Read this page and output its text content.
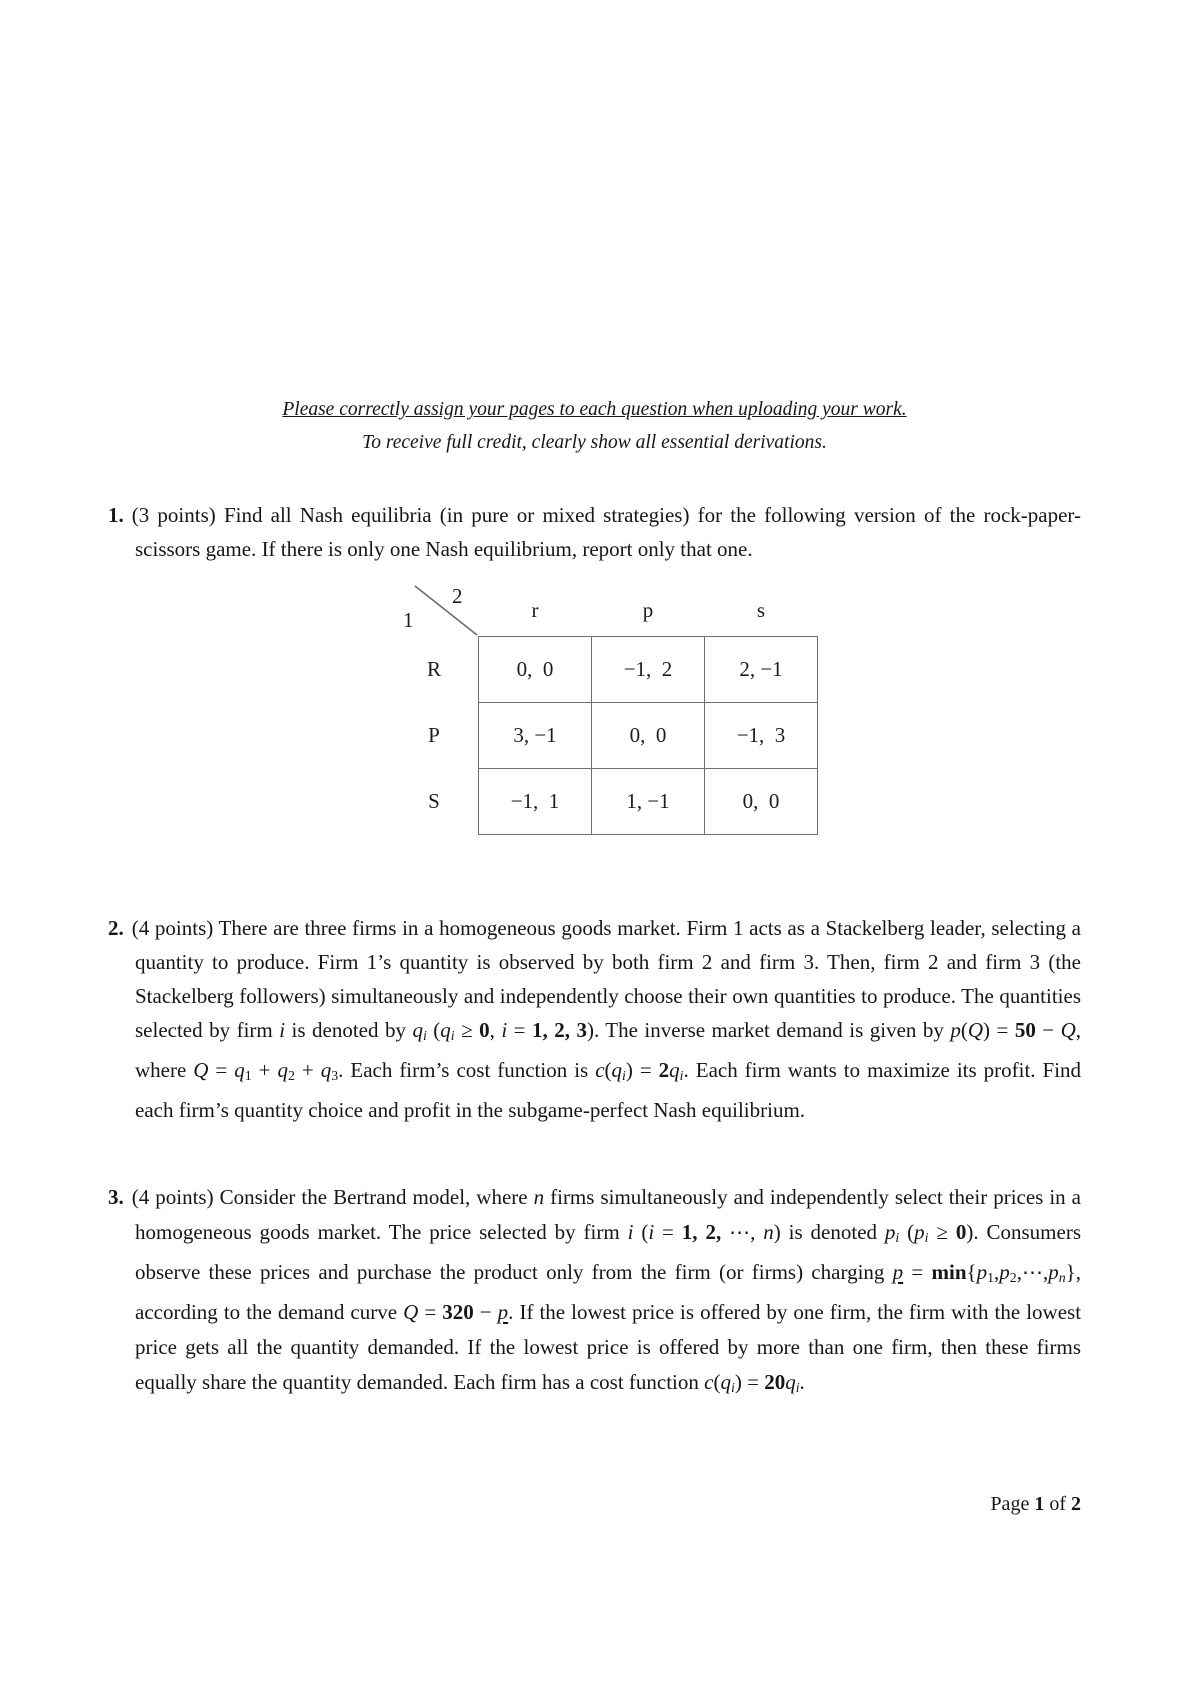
Please correctly assign your pages to each question when uploading your work.
To receive full credit, clearly show all essential derivations.

1. (3 points) Find all Nash equilibria (in pure or mixed strategies) for the following version of the rock-paper-scissors game. If there is only one Nash equilibrium, report only that one.

2
1	r	p	s
R	0,  0	−1,  2	2, −1
P	3, −1	0,  0	−1,  3
S	−1,  1	1, −1	0,  0

2. (4 points) There are three firms in a homogeneous goods market. Firm 1 acts as a Stackelberg leader, selecting a quantity to produce. Firm 1’s quantity is observed by both firm 2 and firm 3. Then, firm 2 and firm 3 (the Stackelberg followers) simultaneously and independently choose their own quantities to produce. The quantities selected by firm i is denoted by qi (qi ≥ 0, i = 1, 2, 3). The inverse market demand is given by p(Q) = 50 − Q, where Q = q1 + q2 + q3. Each firm’s cost function is c(qi) = 2qi. Each firm wants to maximize its profit. Find each firm’s quantity choice and profit in the subgame-perfect Nash equilibrium.

3. (4 points) Consider the Bertrand model, where n firms simultaneously and independently select their prices in a homogeneous goods market. The price selected by firm i (i = 1, 2, ⋯, n) is denoted pi (pi ≥ 0). Consumers observe these prices and purchase the product only from the firm (or firms) charging p = min{p1,p2,⋯,pn}, according to the demand curve Q = 320 − p. If the lowest price is offered by one firm, the firm with the lowest price gets all the quantity demanded. If the lowest price is offered by more than one firm, then these firms equally share the quantity demanded. Each firm has a cost function c(qi) = 20qi.

Page 1 of 2
